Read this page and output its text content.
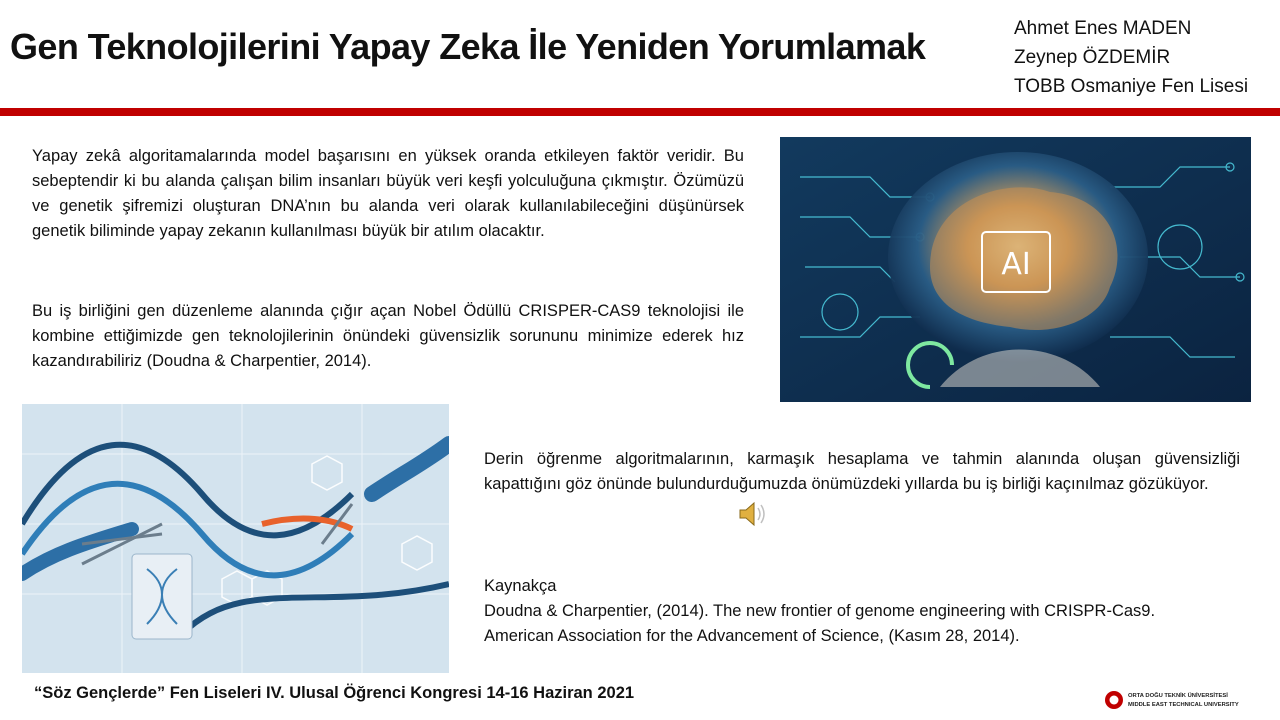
Gen Teknolojilerini Yapay Zeka İle Yeniden Yorumlamak	Ahmet Enes MADEN
Zeynep ÖZDEMİR
TOBB Osmaniye Fen Lisesi
Yapay zekâ algoritamalarında model başarısını en yüksek oranda etkileyen faktör veridir. Bu sebeptendir ki bu alanda çalışan bilim insanları büyük veri keşfi yolculuğuna çıkmıştır. Özümüzü ve genetik şifremizi oluşturan DNA’nın bu alanda veri olarak kullanılabileceğini düşünürsek genetik biliminde yapay zekanın kullanılması büyük bir atılım olacaktır.
Bu iş birliğini gen düzenleme alanında çığır açan Nobel Ödüllü CRISPER-CAS9 teknolojisi ile kombine ettiğimizde gen teknolojilerinin önündeki güvensizlik sorununu minimize ederek hız kazandırabiliriz (Doudna & Charpentier, 2014).
AI
Derin öğrenme algoritmalarının, karmaşık hesaplama ve tahmin alanında oluşan güvensizliği kapattığını göz önünde bulundurduğumuzda önümüzdeki yıllarda bu iş birliği kaçınılmaz gözüküyor.
Kaynakça
Doudna & Charpentier, (2014). The new frontier of genome engineering with CRISPR-Cas9. American Association for the Advancement of Science, (Kasım 28, 2014).
“Söz Gençlerde” Fen Liseleri IV. Ulusal Öğrenci Kongresi 14-16 Haziran 2021	ORTA DOĞU TEKNİK ÜNİVERSİTESİ
MIDDLE EAST TECHNICAL UNIVERSITY
